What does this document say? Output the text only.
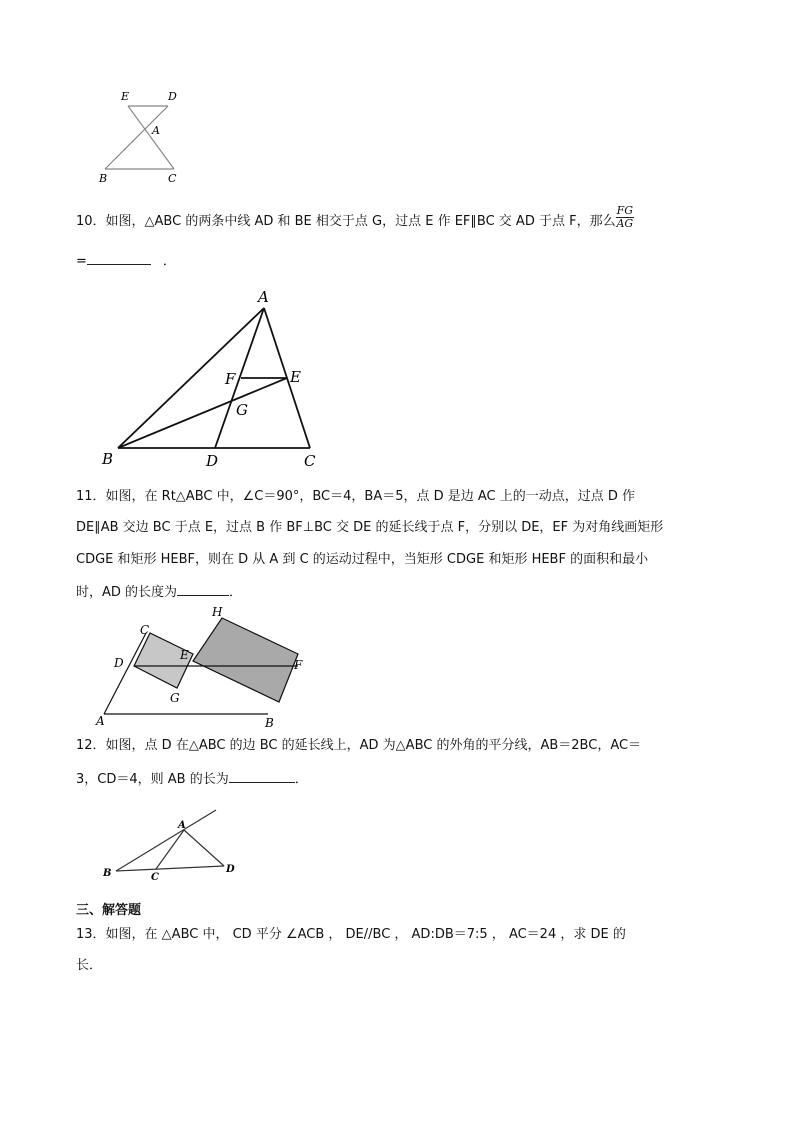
E	D
A
B	C
10．如图，△ABC 的两条中线 AD 和 BE 相交于点 G，过点 E 作 EF∥BC 交 AD 于点 F，那么 $\frac{FG}{AG}$
=	．
A
B	D	C
F	E
G
11．如图，在 Rt△ABC 中，∠C＝90°，BC＝4，BA＝5，点 D 是边 AC 上的一动点，过点 D 作
DE∥AB 交边 BC 于点 E，过点 B 作 BF⊥BC 交 DE 的延长线于点 F，分别以 DE，EF 为对角线画矩形
CDGE 和矩形 HEBF，则在 D 从 A 到 C 的运动过程中，当矩形 CDGE 和矩形 HEBF 的面积和最小
时，AD 的长度为	．
C
H
D
E
F
G
A	B
12．如图，点 D 在△ABC 的边 BC 的延长线上，AD 为△ABC 的外角的平分线，AB＝2BC，AC＝
3，CD＝4，则 AB 的长为	．
A
B	C
D
三、解答题
13．如图，在 △ABC 中， CD 平分 ∠ACB ， DE//BC ， AD:DB＝7:5 ， AC＝24 ，求 DE 的
长．
